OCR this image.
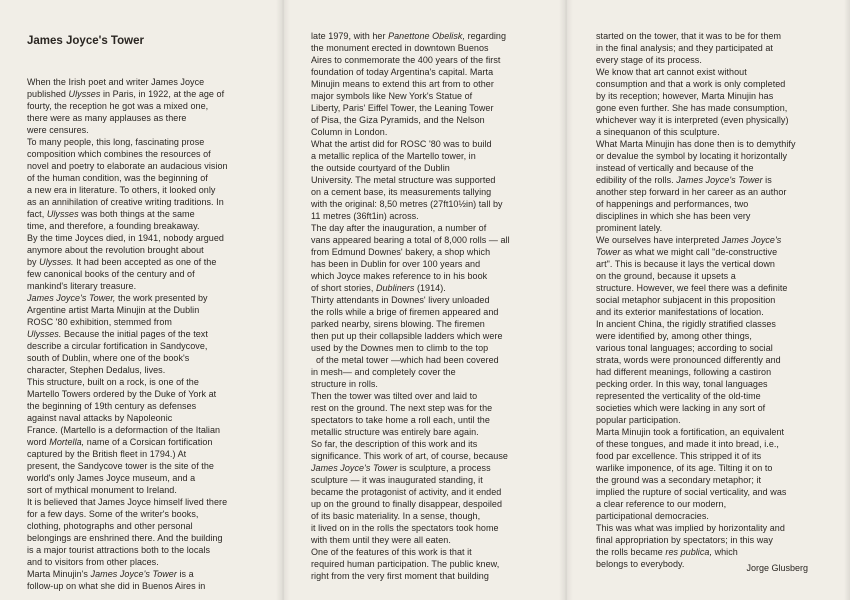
James Joyce's Tower
When the Irish poet and writer James Joyce
published Ulysses in Paris, in 1922, at the age of
fourty, the reception he got was a mixed one,
there were as many applauses as there
were censures.
To many people, this long, fascinating prose
composition which combines the resources of
novel and poetry to elaborate an audacious vision
of the human condition, was the beginning of
a new era in literature. To others, it looked only
as an annihilation of creative writing traditions. In
fact, Ulysses was both things at the same
time, and therefore, a founding breakaway.
By the time Joyces died, in 1941, nobody argued
anymore about the revolution brought about
by Ulysses. It had been accepted as one of the
few canonical books of the century and of
mankind's literary treasure.
James Joyce's Tower, the work presented by
Argentine artist Marta Minujin at the Dublin
ROSC '80 exhibition, stemmed from
Ulysses. Because the initial pages of the text
describe a circular fortification in Sandycove,
south of Dublin, where one of the book's
character, Stephen Dedalus, lives.
This structure, built on a rock, is one of the
Martello Towers ordered by the Duke of York at
the beginning of 19th century as defenses
against naval attacks by Napoleonic
France. (Martello is a deformaction of the Italian
word Mortella, name of a Corsican fortification
captured by the British fleet in 1794.) At
present, the Sandycove tower is the site of the
world's only James Joyce museum, and a
sort of mythical monument to Ireland.
It is believed that James Joyce himself lived there
for a few days. Some of the writer's books,
clothing, photographs and other personal
belongings are enshrined there. And the building
is a major tourist attractions both to the locals
and to visitors from other places.
Marta Minujin's James Joyce's Tower is a
follow-up on what she did in Buenos Aires in
late 1979, with her Panettone Obelisk, regarding
the monument erected in downtown Buenos
Aires to conmemorate the 400 years of the first
foundation of today Argentina's capital. Marta
Minujin means to extend this art from to other
major symbols like New York's Statue of
Liberty, Paris' Eiffel Tower, the Leaning Tower
of Pisa, the Giza Pyramids, and the Nelson
Column in London.
What the artist did for ROSC '80 was to build
a metallic replica of the Martello tower, in
the outside courtyard of the Dublin
University. The metal structure was supported
on a cement base, its measurements tallying
with the original: 8,50 metres (27ft10½in) tall by
11 metres (36ft1in) across.
The day after the inauguration, a number of
vans appeared bearing a total of 8,000 rolls — all
from Edmund Downes' bakery, a shop which
has been in Dublin for over 100 years and
which Joyce makes reference to in his book
of short stories, Dubliners (1914).
Thirty attendants in Downes' livery unloaded
the rolls while a brige of firemen appeared and
parked nearby, sirens blowing. The firemen
then put up their collapsible ladders which were
used by the Downes men to climb to the top
of the metal tower —which had been covered
in mesh— and completely cover the
structure in rolls.
Then the tower was tilted over and laid to
rest on the ground. The next step was for the
spectators to take home a roll each, until the
metallic structure was entirely bare again.
So far, the description of this work and its
significance. This work of art, of course, because
James Joyce's Tower is sculpture, a process
sculpture — it was inaugurated standing, it
became the protagonist of activity, and it ended
up on the ground to finally disappear, despoiled
of its basic materiality. In a sense, though,
it lived on in the rolls the spectators took home
with them until they were all eaten.
One of the features of this work is that it
required human participation. The public knew,
right from the very first moment that building
started on the tower, that it was to be for them
in the final analysis; and they participated at
every stage of its process.
We know that art cannot exist without
consumption and that a work is only completed
by its reception; however, Marta Minujin has
gone even further. She has made consumption,
whichever way it is interpreted (even physically)
a sinequanon of this sculpture.
What Marta Minujin has done then is to demythify
or devalue the symbol by locating it horizontally
instead of vertically and because of the
edibility of the rolls. James Joyce's Tower is
another step forward in her career as an author
of happenings and performances, two
disciplines in which she has been very
prominent lately.
We ourselves have interpreted James Joyce's
Tower as what we might call "de-constructive
art". This is because it lays the vertical down
on the ground, because it upsets a
structure. However, we feel there was a definite
social metaphor subjacent in this proposition
and its exterior manifestations of location.
In ancient China, the rigidly stratified classes
were identified by, among other things,
various tonal languages; according to social
strata, words were pronounced differently and
had different meanings, following a castiron
pecking order. In this way, tonal languages
represented the verticality of the old-time
societies which were lacking in any sort of
popular participation.
Marta Minujin took a fortification, an equivalent
of these tongues, and made it into bread, i.e.,
food par excellence. This stripped it of its
warlike imponence, of its age. Tilting it on to
the ground was a secondary metaphor; it
implied the rupture of social verticality, and was
a clear reference to our modern,
participational democracies.
This was what was implied by horizontality and
final appropriation by spectators; in this way
the rolls became res publica, which
belongs to everybody.	Jorge Glusberg
